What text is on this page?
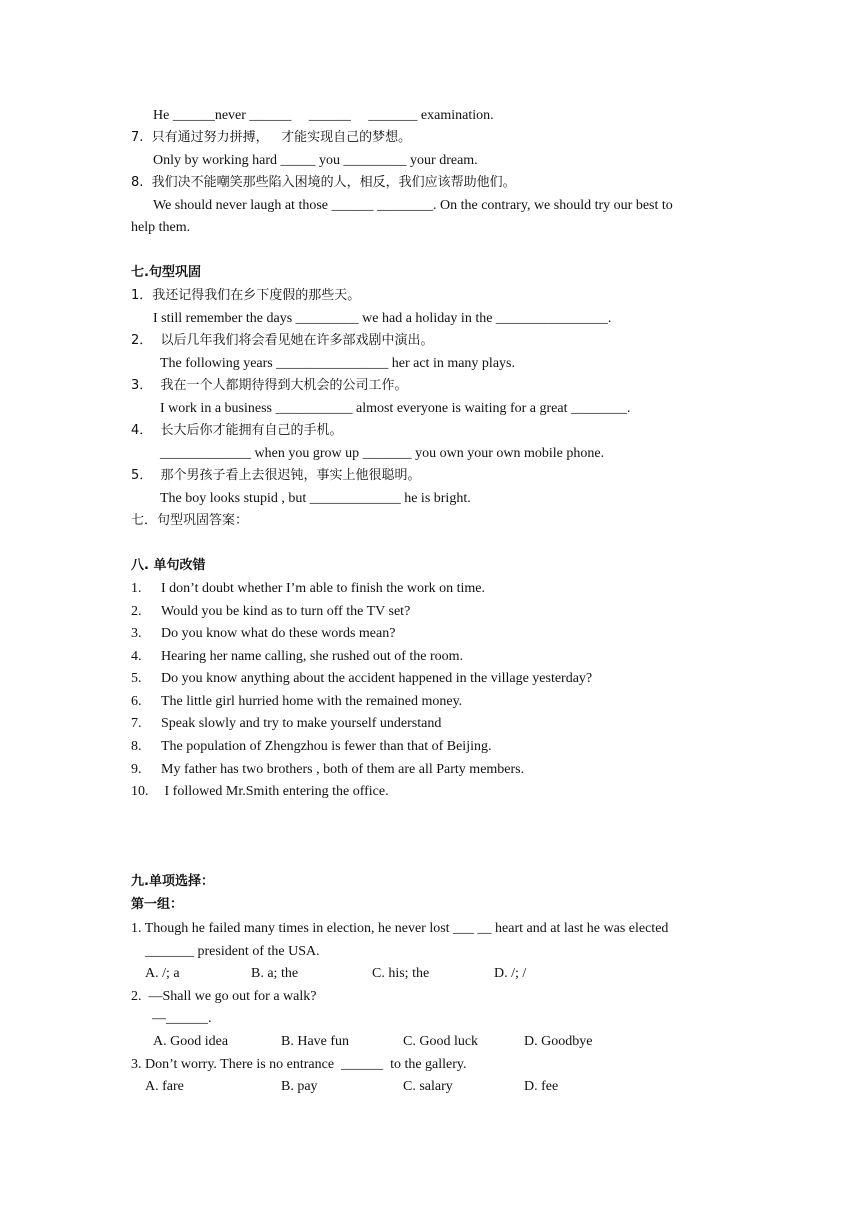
He ______never ______     ______     _______ examination.
7.  只有通过努力拼搏，   才能实现自己的梦想。
Only by working hard _____ you _________ your dream.
8.  我们决不能嘲笑那些陷入困境的人，相反，我们应该帮助他们。
We should never laugh at those ______ ________. On the contrary, we should try our best to
help them.
七.句型巩固
1．我还记得我们在乡下度假的那些天。
I still remember the days _________ we had a holiday in the ________________.
2．  以后几年我们将会看见她在许多部戏剧中演出。
The following years ________________ her act in many plays.
3．  我在一个人都期待得到大机会的公司工作。
I work in a business ___________ almost everyone is waiting for a great ________.
4．  长大后你才能拥有自己的手机。
_____________ when you grow up _______ you own your own mobile phone.
5．  那个男孩子看上去很迟钝，事实上他很聪明。
The boy looks stupid , but _____________ he is bright.
七．句型巩固答案：
八. 单句改错
1. I don’t doubt whether I’m able to finish the work on time.
2. Would you be kind as to turn off the TV set?
3. Do you know what do these words mean?
4. Hearing her name calling, she rushed out of the room.
5. Do you know anything about the accident happened in the village yesterday?
6. The little girl hurried home with the remained money.
7. Speak slowly and try to make yourself understand
8. The population of Zhengzhou is fewer than that of Beijing.
9. My father has two brothers , both of them are all Party members.
10. I followed Mr.Smith entering the office.
九.单项选择：
第一组：
1. Though he failed many times in election, he never lost ___ __ heart and at last he was elected
_______ president of the USA.
A. /; a	B. a; the	C. his; the	D. /; /
2.  —Shall we go out for a walk?
—______.
A. Good idea	B. Have fun	C. Good luck	D. Goodbye
3. Don’t worry. There is no entrance  ______  to the gallery.
A. fare	B. pay	C. salary	D. fee
